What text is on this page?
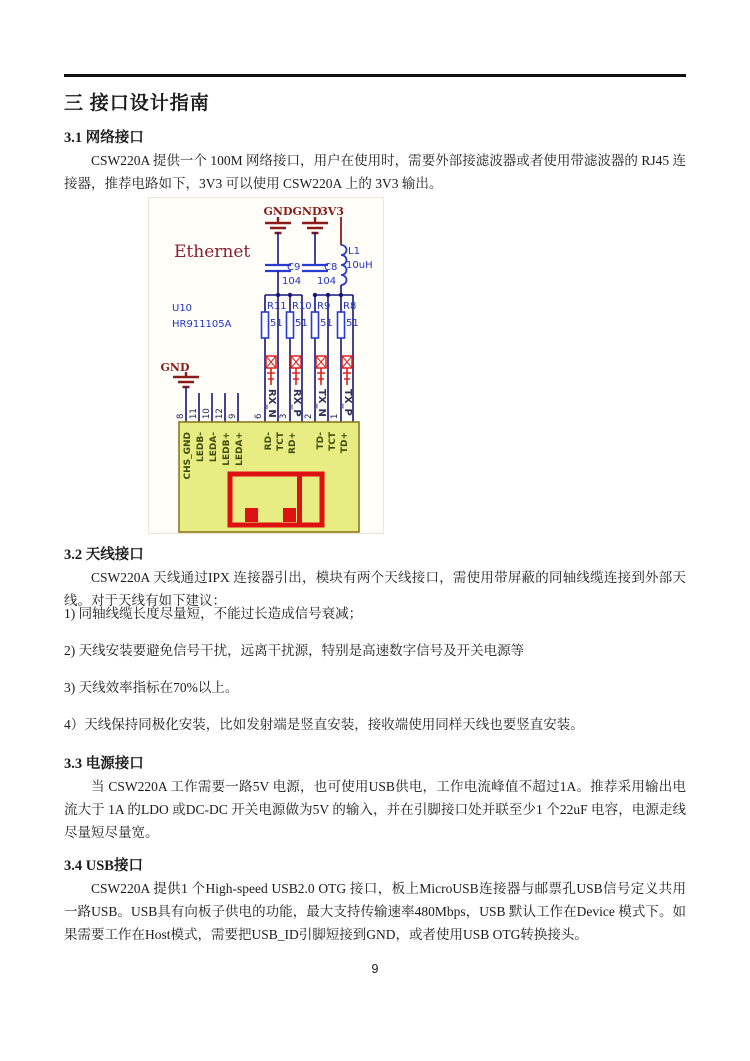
三 接口设计指南
3.1 网络接口
CSW220A 提供一个 100M 网络接口，用户在使用时，需要外部接滤波器或者使用带滤波器的 RJ45 连接器，推荐电路如下，3V3 可以使用 CSW220A 上的 3V3 输出。
Ethernet
U10
HR911105A
GND GND
3V3
GND
L1
10uH
C9
104
C8
104
R11
51
R10
51
R9
51
R8
51
RX_N RX_P TX_N TX_P
6 3 2 1
8 11 10 12 9
CHS_GND LEDB- LEDA- LEDB+ LEDA+ RD- TCT RD+ TD- TCT TD+
3.2 天线接口
CSW220A 天线通过IPX 连接器引出，模块有两个天线接口，需使用带屏蔽的同轴线缆连接到外部天线。对于天线有如下建议：
1) 同轴线缆长度尽量短，不能过长造成信号衰减；
2) 天线安装要避免信号干扰，远离干扰源，特别是高速数字信号及开关电源等
3) 天线效率指标在70%以上。
4）天线保持同极化安装，比如发射端是竖直安装，接收端使用同样天线也要竖直安装。
3.3 电源接口
当 CSW220A 工作需要一路5V 电源，也可使用USB供电，工作电流峰值不超过1A。推荐采用输出电流大于 1A 的LDO 或DC-DC 开关电源做为5V 的输入，并在引脚接口处并联至少1 个22uF 电容，电源走线尽量短尽量宽。
3.4 USB接口
CSW220A 提供1 个High-speed USB2.0 OTG 接口，板上MicroUSB连接器与邮票孔USB信号定义共用一路USB。USB具有向板子供电的功能，最大支持传输速率480Mbps，USB 默认工作在Device 模式下。如果需要工作在Host模式，需要把USB_ID引脚短接到GND，或者使用USB OTG转换接头。
9
